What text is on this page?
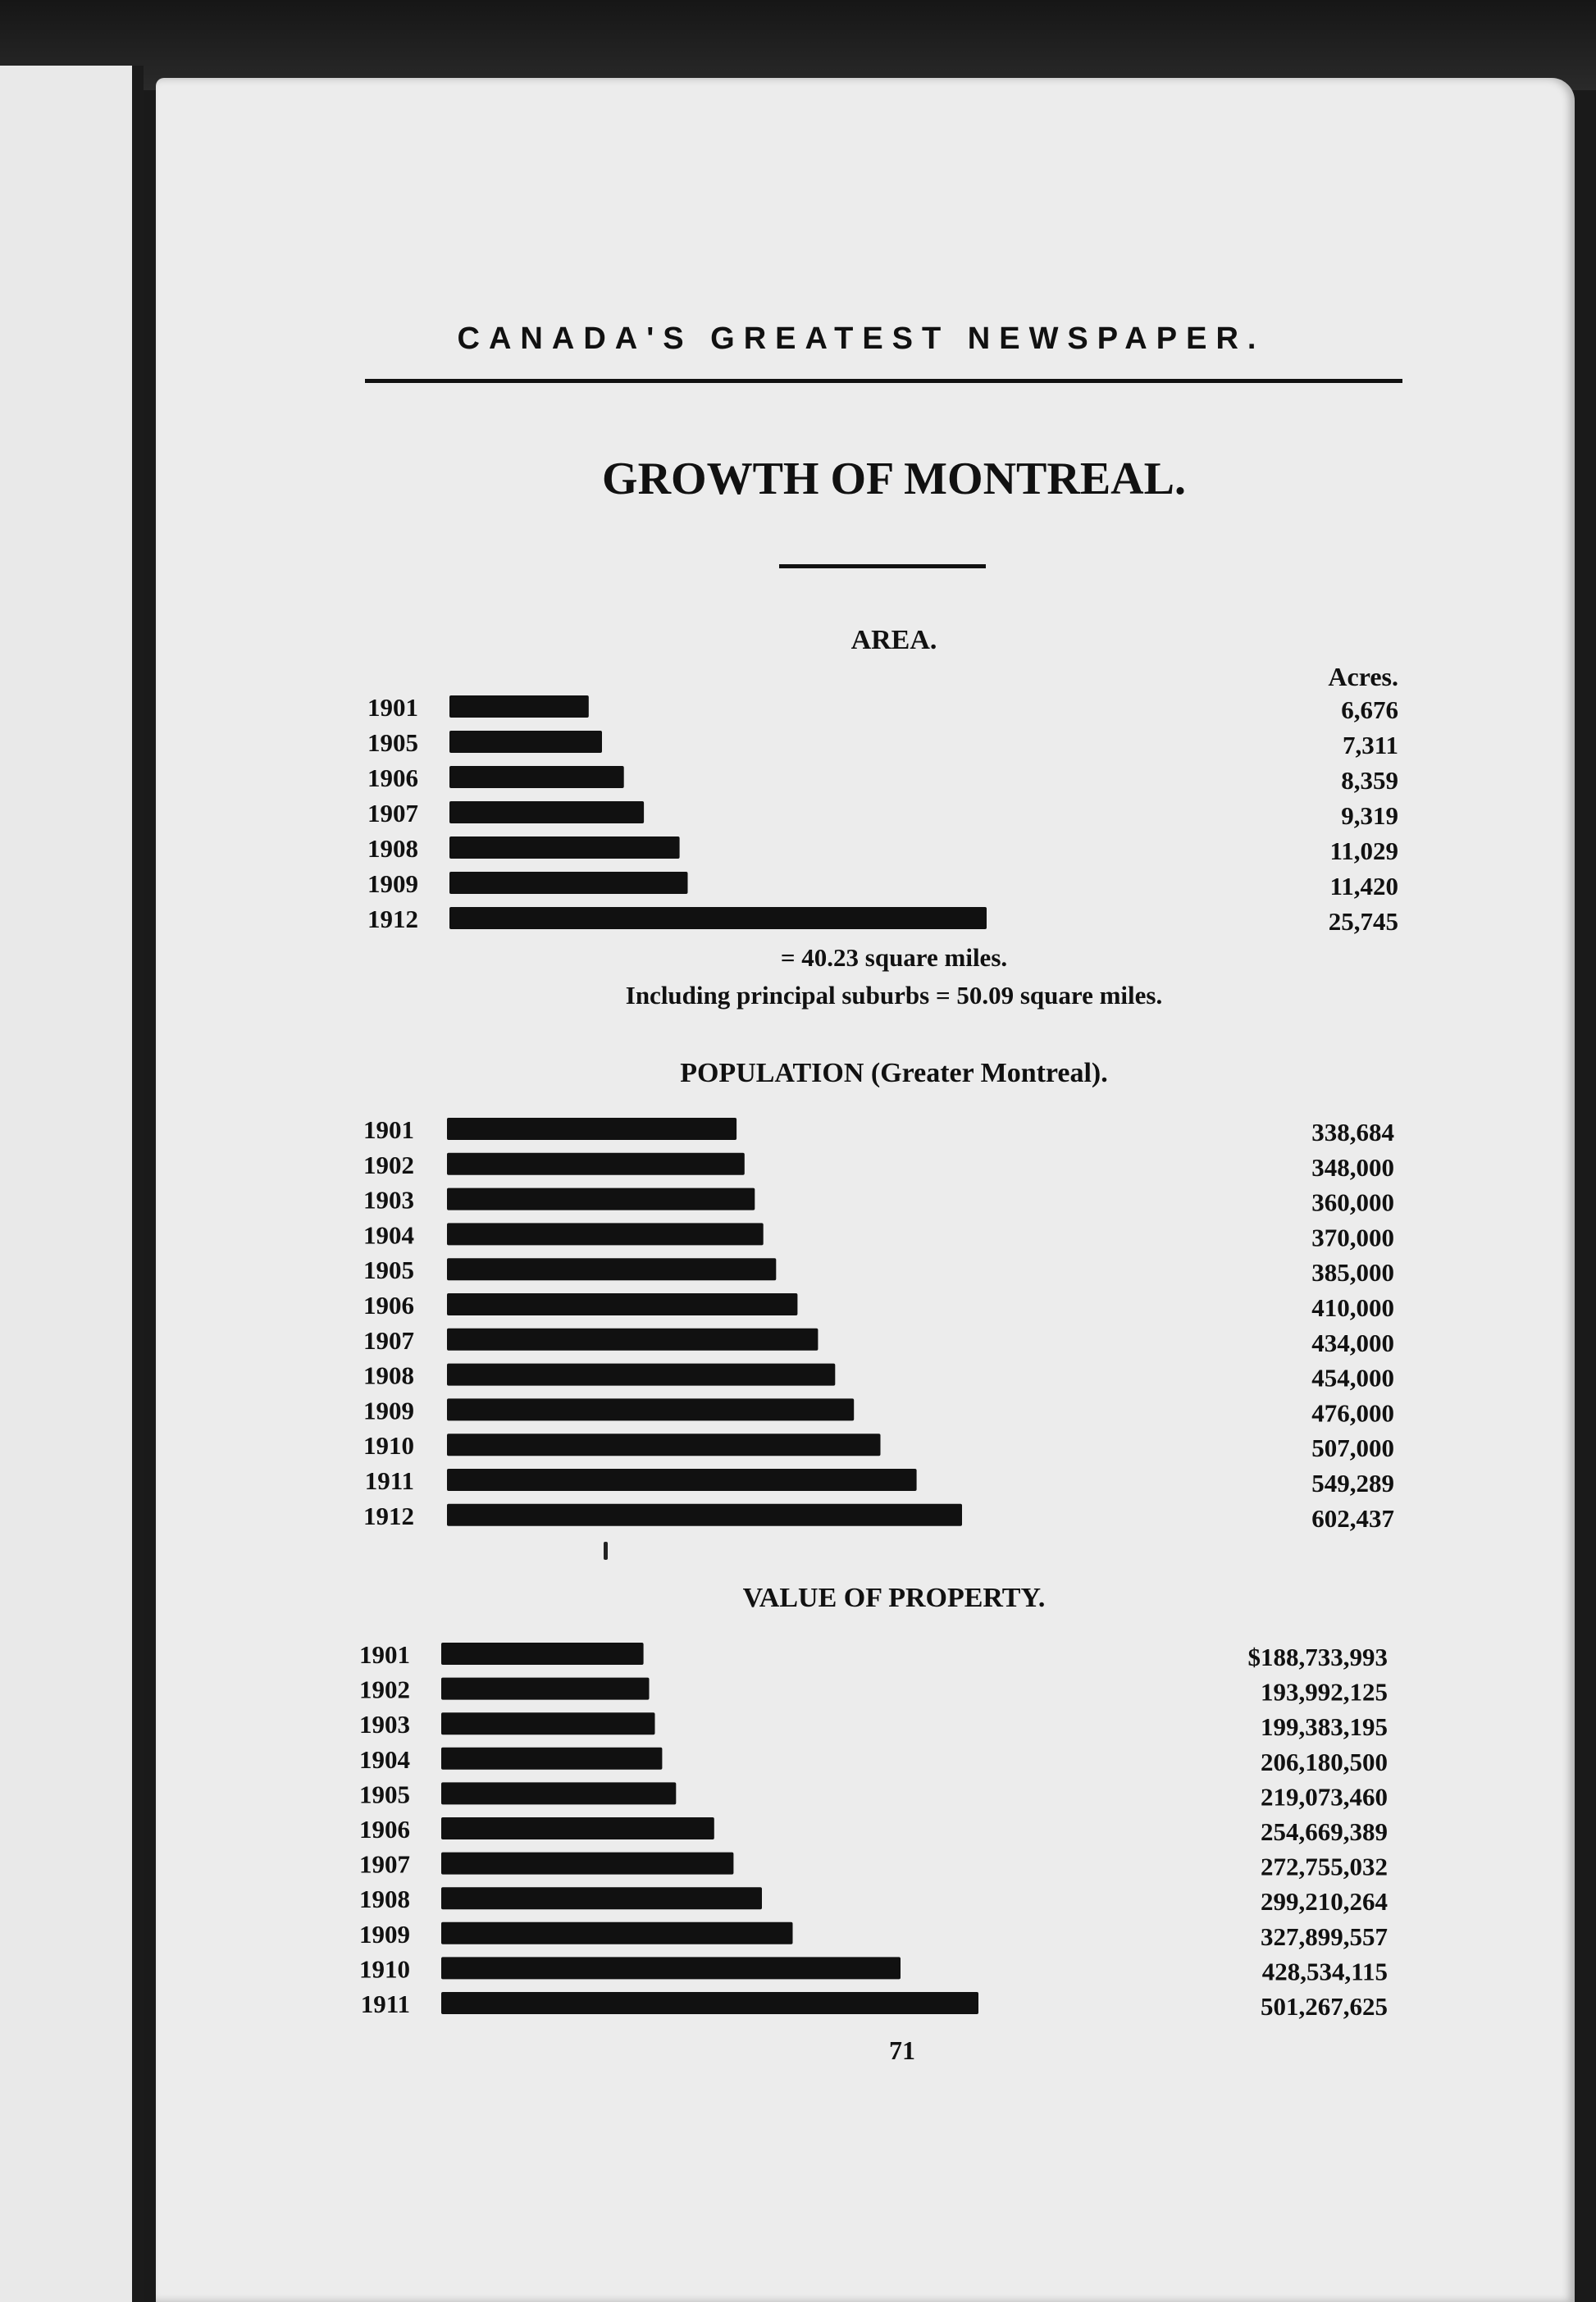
CANADA'S GREATEST NEWSPAPER.
GROWTH OF MONTREAL.
AREA.
POPULATION (Greater Montreal).
VALUE OF PROPERTY.
Acres.
1901	6,676
1905	7,311
1906	8,359
1907	9,319
1908	11,029
1909	11,420
1912	25,745
1901	338,684
1902	348,000
1903	360,000
1904	370,000
1905	385,000
1906	410,000
1907	434,000
1908	454,000
1909	476,000
1910	507,000
1911	549,289
1912	602,437
1901	$188,733,993
1902	193,992,125
1903	199,383,195
1904	206,180,500
1905	219,073,460
1906	254,669,389
1907	272,755,032
1908	299,210,264
1909	327,899,557
1910	428,534,115
1911	501,267,625
= 40.23 square miles.
Including principal suburbs = 50.09 square miles.
71
